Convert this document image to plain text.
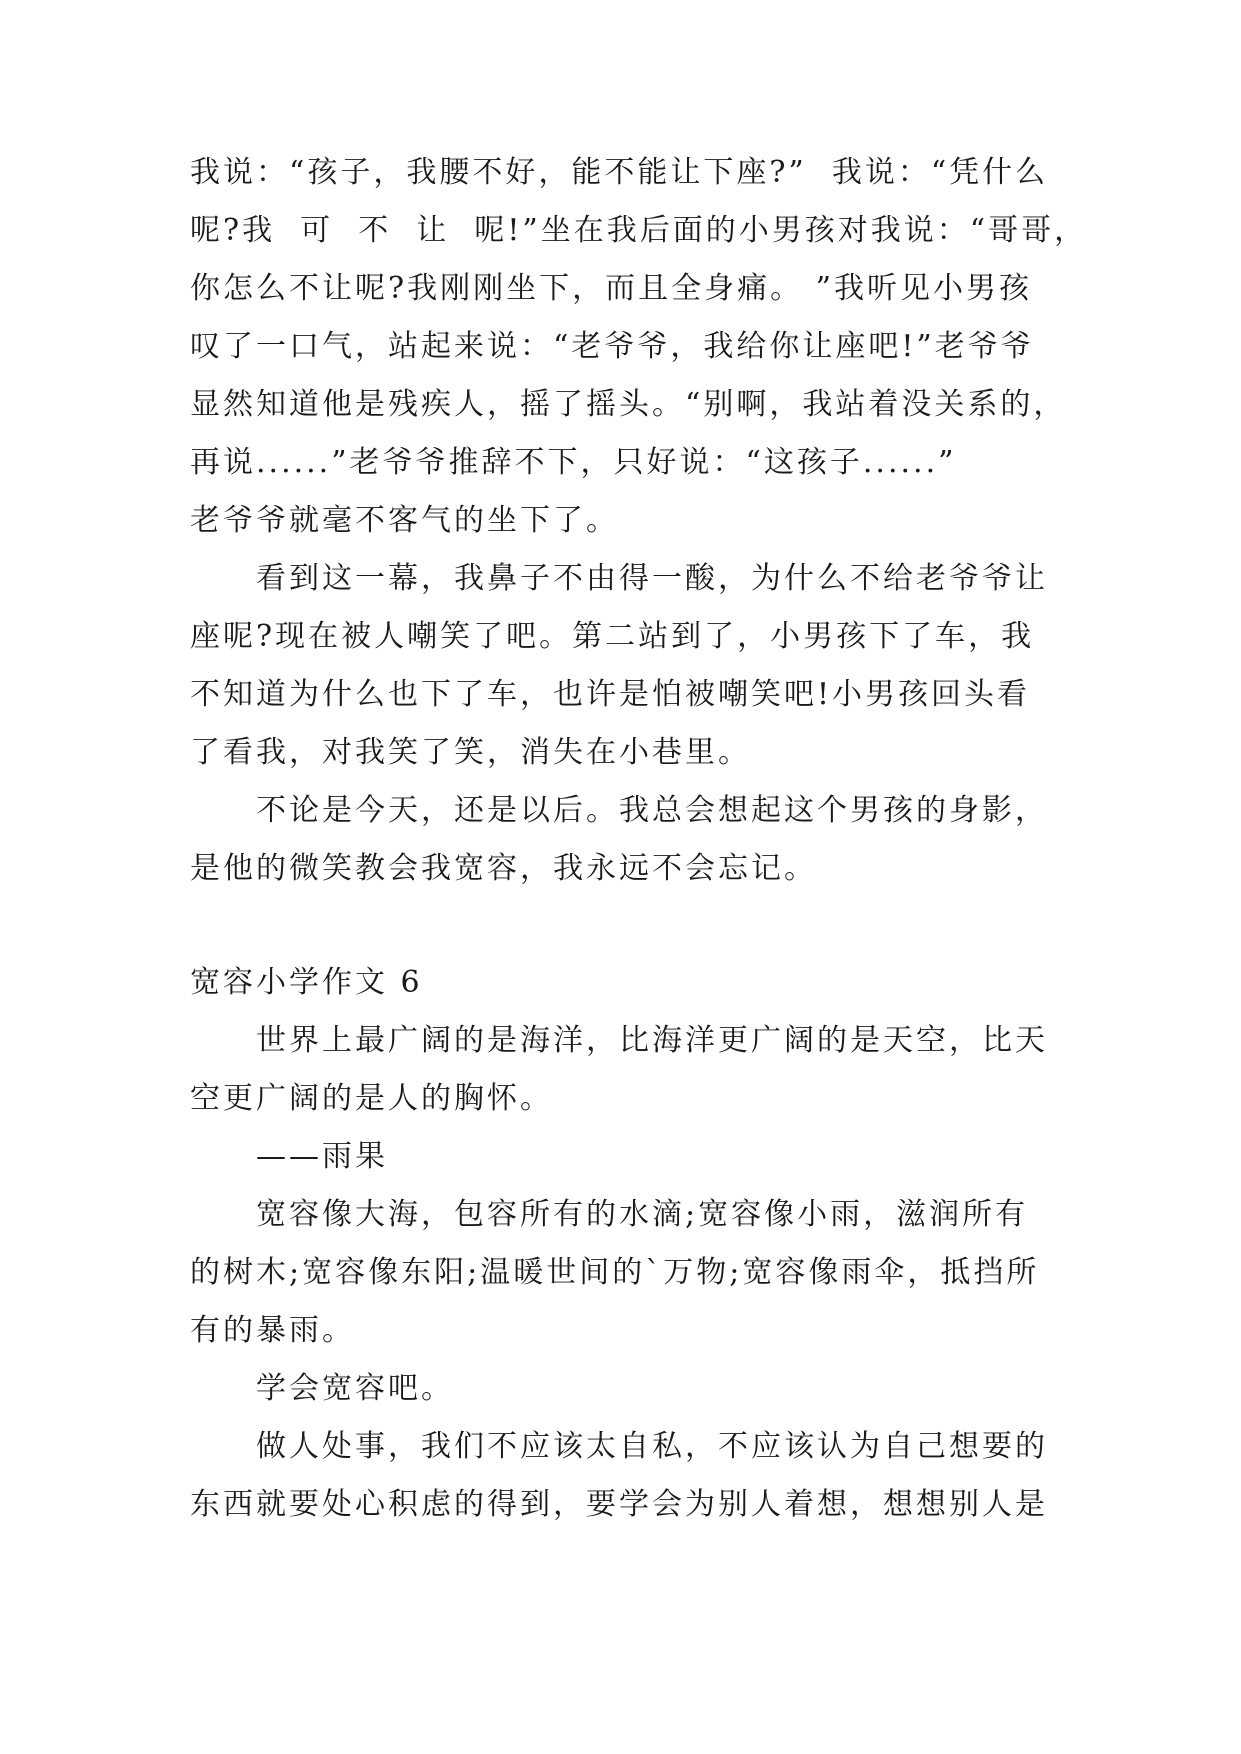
我说：“孩子，我腰不好，能不能让下座?”  我说：“凭什么
呢?我  可  不  让  呢!”坐在我后面的小男孩对我说：“哥哥，
你怎么不让呢?我刚刚坐下，而且全身痛。 ”我听见小男孩
叹了一口气，站起来说：“老爷爷，我给你让座吧!”老爷爷
显然知道他是残疾人，摇了摇头。“别啊，我站着没关系的，
再说......”老爷爷推辞不下，只好说：“这孩子......”
老爷爷就毫不客气的坐下了。
看到这一幕，我鼻子不由得一酸，为什么不给老爷爷让
座呢?现在被人嘲笑了吧。第二站到了，小男孩下了车，我
不知道为什么也下了车，也许是怕被嘲笑吧!小男孩回头看
了看我，对我笑了笑，消失在小巷里。
不论是今天，还是以后。我总会想起这个男孩的身影，
是他的微笑教会我宽容，我永远不会忘记。
宽容小学作文 6
世界上最广阔的是海洋，比海洋更广阔的是天空，比天
空更广阔的是人的胸怀。
——雨果
宽容像大海，包容所有的水滴;宽容像小雨，滋润所有
的树木;宽容像东阳;温暖世间的`万物;宽容像雨伞，抵挡所
有的暴雨。
学会宽容吧。
做人处事，我们不应该太自私，不应该认为自己想要的
东西就要处心积虑的得到，要学会为别人着想，想想别人是
